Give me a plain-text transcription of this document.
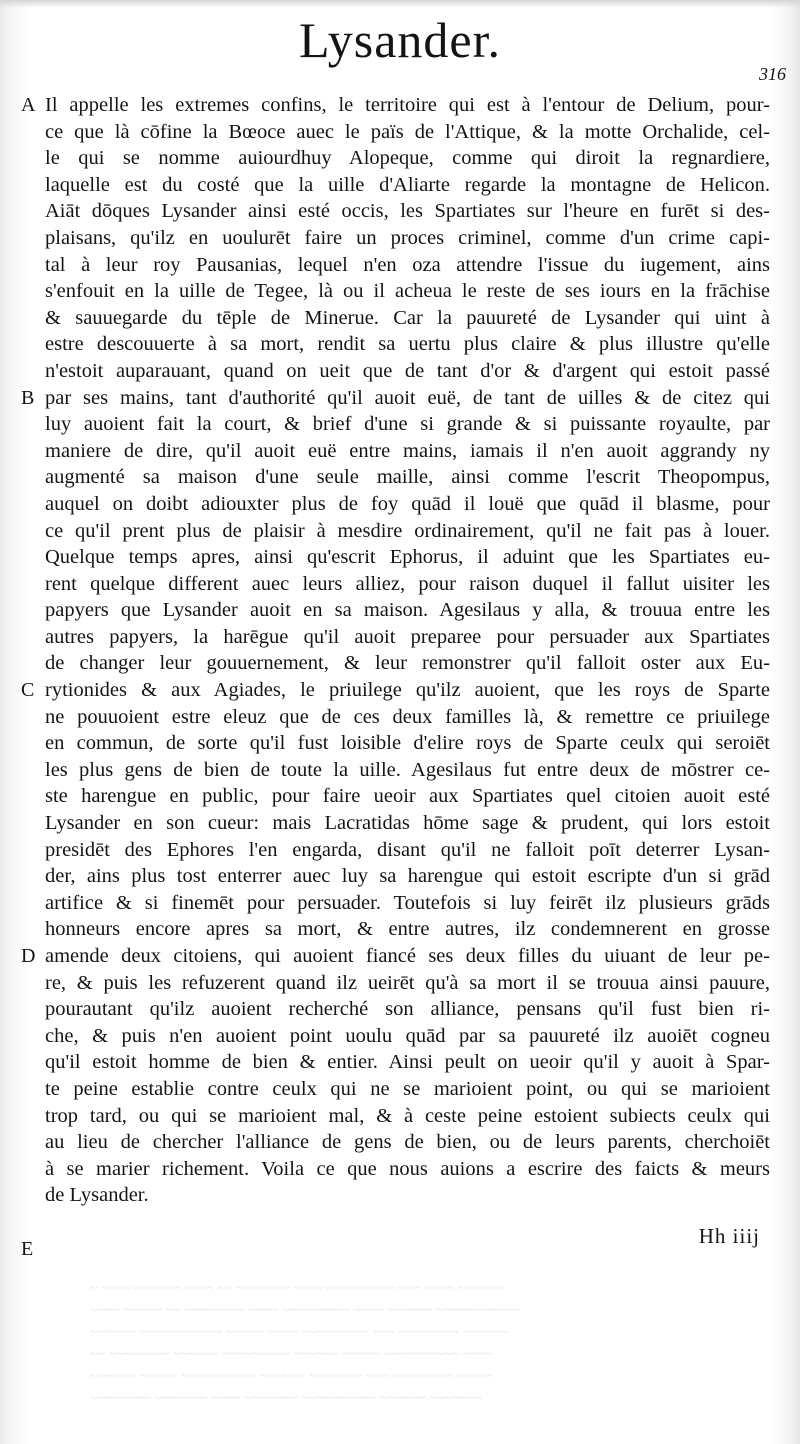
Lysander.
316
A
B
C
D
E
Il appelle les extremes confins, le territoire qui est à l'entour de Delium, pour-
ce que là cōfine la Bœoce auec le païs de l'Attique, & la motte Orchalide, cel-
le qui se nomme auiourdhuy Alopeque, comme qui diroit la regnardiere,
laquelle est du costé que la uille d'Aliarte regarde la montagne de Helicon.
Aiāt dōques Lysander ainsi esté occis, les Spartiates sur l'heure en furēt si des-
plaisans, qu'ilz en uoulurēt faire un proces criminel, comme d'un crime capi-
tal à leur roy Pausanias, lequel n'en oza attendre l'issue du iugement, ains
s'enfouit en la uille de Tegee, là ou il acheua le reste de ses iours en la frāchise
& sauuegarde du tēple de Minerue. Car la pauureté de Lysander qui uint à
estre descouuerte à sa mort, rendit sa uertu plus claire & plus illustre qu'elle
n'estoit auparauant, quand on ueit que de tant d'or & d'argent qui estoit passé
par ses mains, tant d'authorité qu'il auoit euë, de tant de uilles & de citez qui
luy auoient fait la court, & brief d'une si grande & si puissante royaulte, par
maniere de dire, qu'il auoit euë entre mains, iamais il n'en auoit aggrandy ny
augmenté sa maison d'une seule maille, ainsi comme l'escrit Theopompus,
auquel on doibt adiouxter plus de foy quād il louë que quād il blasme, pour
ce qu'il prent plus de plaisir à mesdire ordinairement, qu'il ne fait pas à louer.
Quelque temps apres, ainsi qu'escrit Ephorus, il aduint que les Spartiates eu-
rent quelque different auec leurs alliez, pour raison duquel il fallut uisiter les
papyers que Lysander auoit en sa maison. Agesilaus y alla, & trouua entre les
autres papyers, la harēgue qu'il auoit preparee pour persuader aux Spartiates
de changer leur gouuernement, & leur remonstrer qu'il falloit oster aux Eu-
rytionides & aux Agiades, le priuilege qu'ilz auoient, que les roys de Sparte
ne pouuoient estre eleuz que de ces deux familles là, & remettre ce priuilege
en commun, de sorte qu'il fust loisible d'elire roys de Sparte ceulx qui seroiēt
les plus gens de bien de toute la uille. Agesilaus fut entre deux de mōstrer ce-
ste harengue en public, pour faire ueoir aux Spartiates quel citoien auoit esté
Lysander en son cueur: mais Lacratidas hōme sage & prudent, qui lors estoit
presidēt des Ephores l'en engarda, disant qu'il ne falloit poīt deterrer Lysan-
der, ains plus tost enterrer auec luy sa harengue qui estoit escripte d'un si grād
artifice & si finemēt pour persuader. Toutefois si luy feirēt ilz plusieurs grāds
honneurs encore apres sa mort, & entre autres, ilz condemnerent en grosse
amende deux citoiens, qui auoient fiancé ses deux filles du uiuant de leur pe-
re, & puis les refuzerent quand ilz ueirēt qu'à sa mort il se trouua ainsi pauure,
pourautant qu'ilz auoient recherché son alliance, pensans qu'il fust bien ri-
che, & puis n'en auoient point uoulu quād par sa pauureté ilz auoiēt cogneu
qu'il estoit homme de bien & entier. Ainsi peult on ueoir qu'il y auoit à Spar-
te peine establie contre ceulx qui ne se marioient point, ou qui se marioient
trop tard, ou qui se marioient mal, & à ceste peine estoient subiects ceulx qui
au lieu de chercher l'alliance de gens de bien, ou de leurs parents, cherchoiēt
à se marier richement. Voila ce que nous auions a escrire des faicts & meurs
de Lysander.
Hh iiij
~ ~~~~ ~~~~~~ ~~~~ ~~ ~~~~~~~ ~~~~ ~~~~~~~~~ ~~~ ~~~~ ~~~~~~
~~~~ ~~~~~ ~~ ~~~~~~~~ ~~~~ ~~~~~~~~~ ~~~~ ~~~~~~ ~~~~~~~~~~~
~~~~~~ ~~~~~~~~~~~ ~~~~~ ~~~~ ~~~~~~~~~ ~~~ ~~~~~~~~ ~~~~~~
~~ ~~~~~~~~ ~~~~~~ ~~~~~~~~~ ~~~~~~ ~~~~~ ~~~~~~~~~~ ~~~~
~~~~~~ ~~~~~ ~~~~~~~~~~ ~~~~~~ ~~~~~~~ ~~~ ~~~~~~~~ ~~~~~
~~~~~~~~ ~~~~~~~ ~~~~ ~~~~~~~ ~~~~~~~~~~ ~~~~~~ ~~~~~~~
